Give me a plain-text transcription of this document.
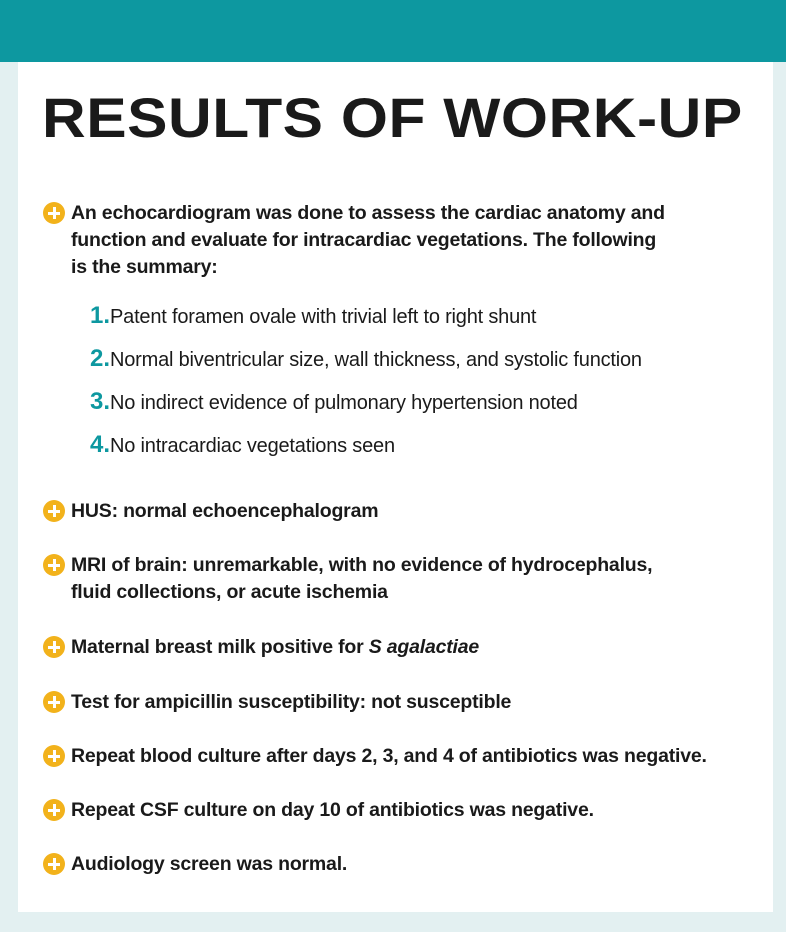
RESULTS OF WORK-UP
An echocardiogram was done to assess the cardiac anatomy and
function and evaluate for intracardiac vegetations. The following
is the summary:
1. Patent foramen ovale with trivial left to right shunt
2. Normal biventricular size, wall thickness, and systolic function
3. No indirect evidence of pulmonary hypertension noted
4. No intracardiac vegetations seen
HUS: normal echoencephalogram
MRI of brain: unremarkable, with no evidence of hydrocephalus,
fluid collections, or acute ischemia
Maternal breast milk positive for S agalactiae
Test for ampicillin susceptibility: not susceptible
Repeat blood culture after days 2, 3, and 4 of antibiotics was negative.
Repeat CSF culture on day 10 of antibiotics was negative.
Audiology screen was normal.
